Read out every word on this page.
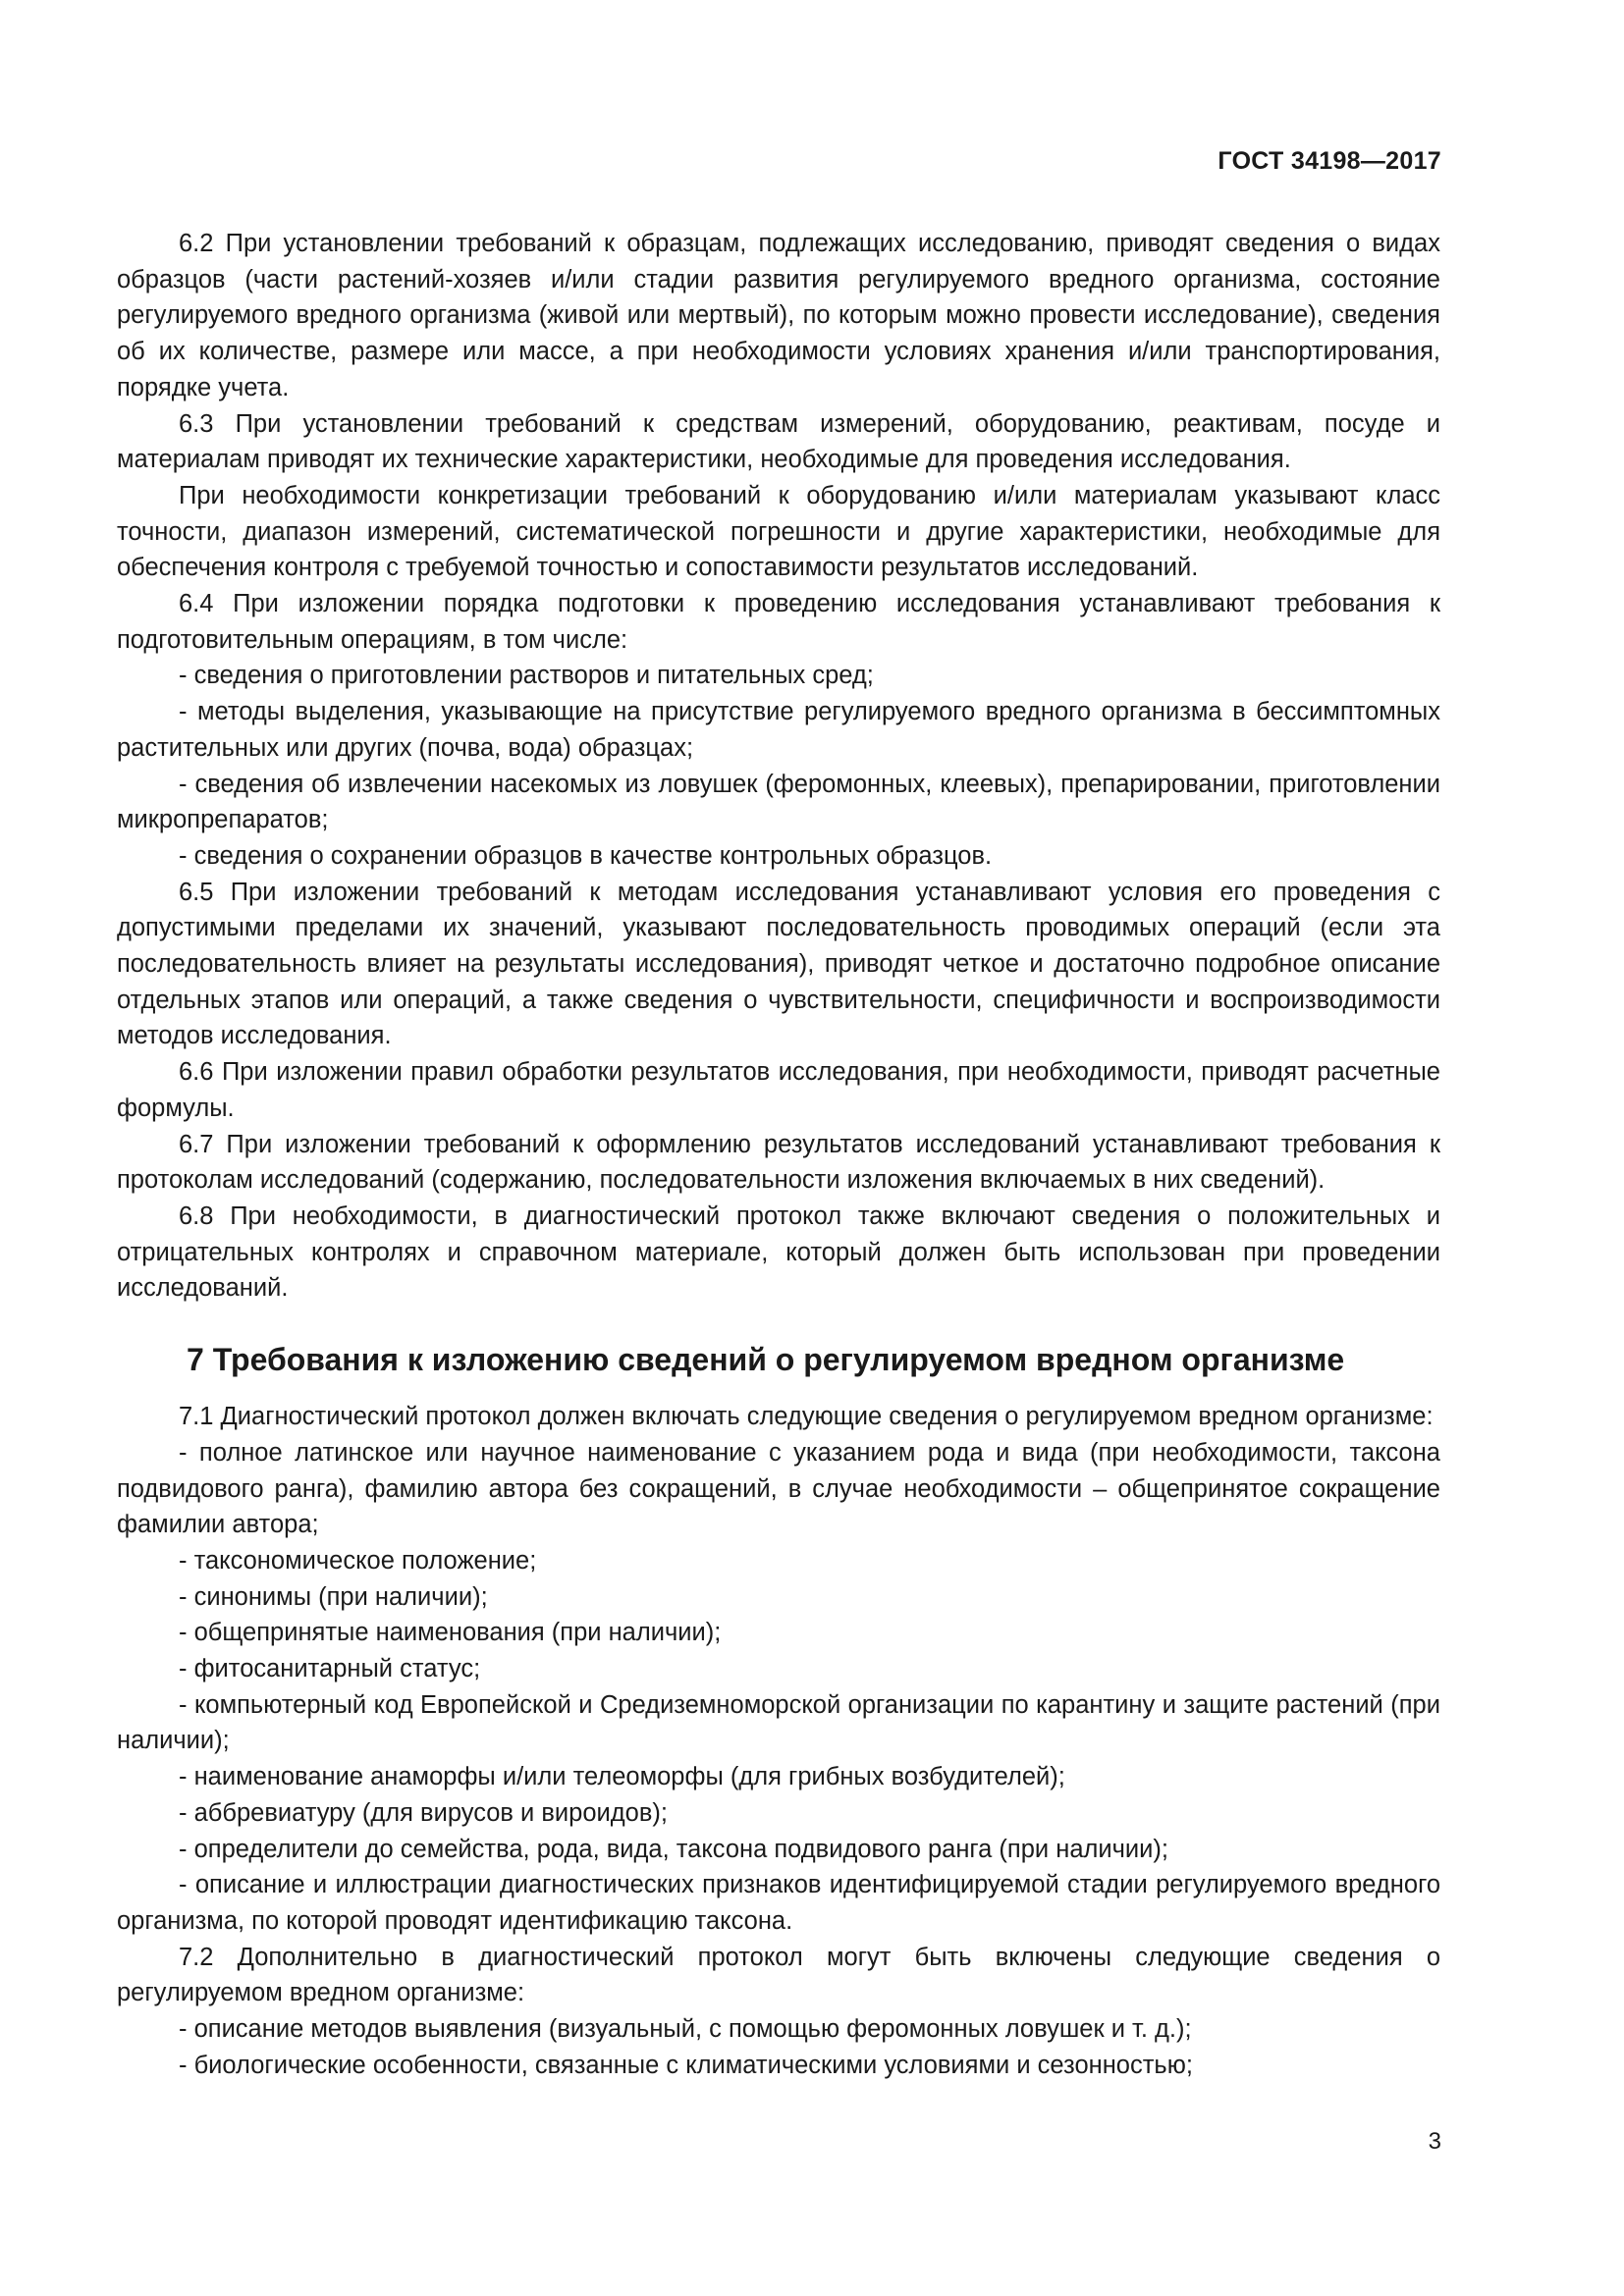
ГОСТ 34198—2017

6.2 При установлении требований к образцам, подлежащих исследованию, приводят сведения о видах образцов (части растений-хозяев и/или стадии развития регулируемого вредного организма, состояние регулируемого вредного организма (живой или мертвый), по которым можно провести исследование), сведения об их количестве, размере или массе, а при необходимости условиях хранения и/или транспортирования, порядке учета.

6.3 При установлении требований к средствам измерений, оборудованию, реактивам, посуде и материалам приводят их технические характеристики, необходимые для проведения исследования.

При необходимости конкретизации требований к оборудованию и/или материалам указывают класс точности, диапазон измерений, систематической погрешности и другие характеристики, необходимые для обеспечения контроля с требуемой точностью и сопоставимости результатов исследований.

6.4 При изложении порядка подготовки к проведению исследования устанавливают требования к подготовительным операциям, в том числе:

- сведения о приготовлении растворов и питательных сред;

- методы выделения, указывающие на присутствие регулируемого вредного организма в бессимптомных растительных или других (почва, вода) образцах;

- сведения об извлечении насекомых из ловушек (феромонных, клеевых), препарировании, приготовлении микропрепаратов;

- сведения о сохранении образцов в качестве контрольных образцов.

6.5 При изложении требований к методам исследования устанавливают условия его проведения с допустимыми пределами их значений, указывают последовательность проводимых операций (если эта последовательность влияет на результаты исследования), приводят четкое и достаточно подробное описание отдельных этапов или операций, а также сведения о чувствительности, специфичности и воспроизводимости методов исследования.

6.6 При изложении правил обработки результатов исследования, при необходимости, приводят расчетные формулы.

6.7 При изложении требований к оформлению результатов исследований устанавливают требования к протоколам исследований (содержанию, последовательности изложения включаемых в них сведений).

6.8 При необходимости, в диагностический протокол также включают сведения о положительных и отрицательных контролях и справочном материале, который должен быть использован при проведении исследований.

7 Требования к изложению сведений о регулируемом вредном организме

7.1 Диагностический протокол должен включать следующие сведения о регулируемом вредном организме:

- полное латинское или научное наименование с указанием рода и вида (при необходимости, таксона подвидового ранга), фамилию автора без сокращений, в случае необходимости – общепринятое сокращение фамилии автора;

- таксономическое положение;

- синонимы (при наличии);

- общепринятые наименования (при наличии);

- фитосанитарный статус;

- компьютерный код Европейской и Средиземноморской организации по карантину и защите растений (при наличии);

- наименование анаморфы и/или телеоморфы (для грибных возбудителей);

- аббревиатуру (для вирусов и вироидов);

- определители до семейства, рода, вида, таксона подвидового ранга (при наличии);

- описание и иллюстрации диагностических признаков идентифицируемой стадии регулируемого вредного организма, по которой проводят идентификацию таксона.

7.2 Дополнительно в диагностический протокол могут быть включены следующие сведения о регулируемом вредном организме:

- описание методов выявления (визуальный, с помощью феромонных ловушек и т. д.);

- биологические особенности, связанные с климатическими условиями и сезонностью;

3
